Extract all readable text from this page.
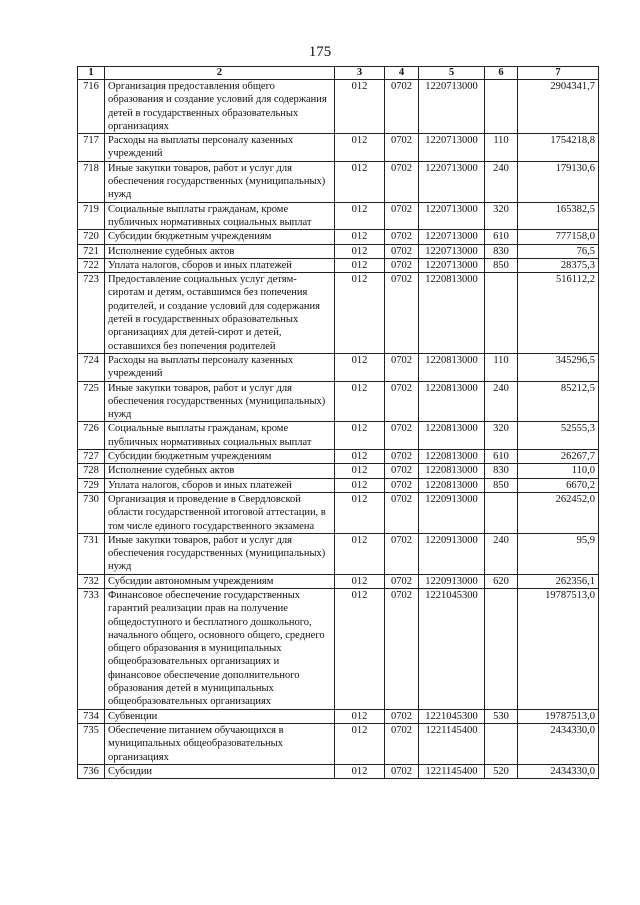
175
1	2	3	4	5	6	7
716	Организация предоставления общего образования и создание условий для содержания детей в государственных образовательных организациях	012	0702	1220713000		2904341,7
717	Расходы на выплаты персоналу казенных учреждений	012	0702	1220713000	110	1754218,8
718	Иные закупки товаров, работ и услуг для обеспечения государственных (муниципальных) нужд	012	0702	1220713000	240	179130,6
719	Социальные выплаты гражданам, кроме публичных нормативных социальных выплат	012	0702	1220713000	320	165382,5
720	Субсидии бюджетным учреждениям	012	0702	1220713000	610	777158,0
721	Исполнение судебных актов	012	0702	1220713000	830	76,5
722	Уплата налогов, сборов и иных платежей	012	0702	1220713000	850	28375,3
723	Предоставление социальных услуг детям-сиротам и детям, оставшимся без попечения родителей, и создание условий для содержания детей в государственных образовательных организациях для детей-сирот и детей, оставшихся без попечения родителей	012	0702	1220813000		516112,2
724	Расходы на выплаты персоналу казенных учреждений	012	0702	1220813000	110	345296,5
725	Иные закупки товаров, работ и услуг для обеспечения государственных (муниципальных) нужд	012	0702	1220813000	240	85212,5
726	Социальные выплаты гражданам, кроме публичных нормативных социальных выплат	012	0702	1220813000	320	52555,3
727	Субсидии бюджетным учреждениям	012	0702	1220813000	610	26267,7
728	Исполнение судебных актов	012	0702	1220813000	830	110,0
729	Уплата налогов, сборов и иных платежей	012	0702	1220813000	850	6670,2
730	Организация и проведение в Свердловской области государственной итоговой аттестации, в том числе единого государственного экзамена	012	0702	1220913000		262452,0
731	Иные закупки товаров, работ и услуг для обеспечения государственных (муниципальных) нужд	012	0702	1220913000	240	95,9
732	Субсидии автономным учреждениям	012	0702	1220913000	620	262356,1
733	Финансовое обеспечение государственных гарантий реализации прав на получение общедоступного и бесплатного дошкольного, начального общего, основного общего, среднего общего образования в муниципальных общеобразовательных организациях и финансовое обеспечение дополнительного образования детей в муниципальных общеобразовательных организациях	012	0702	1221045300		19787513,0
734	Субвенции	012	0702	1221045300	530	19787513,0
735	Обеспечение питанием обучающихся в муниципальных общеобразовательных организациях	012	0702	1221145400		2434330,0
736	Субсидии	012	0702	1221145400	520	2434330,0
